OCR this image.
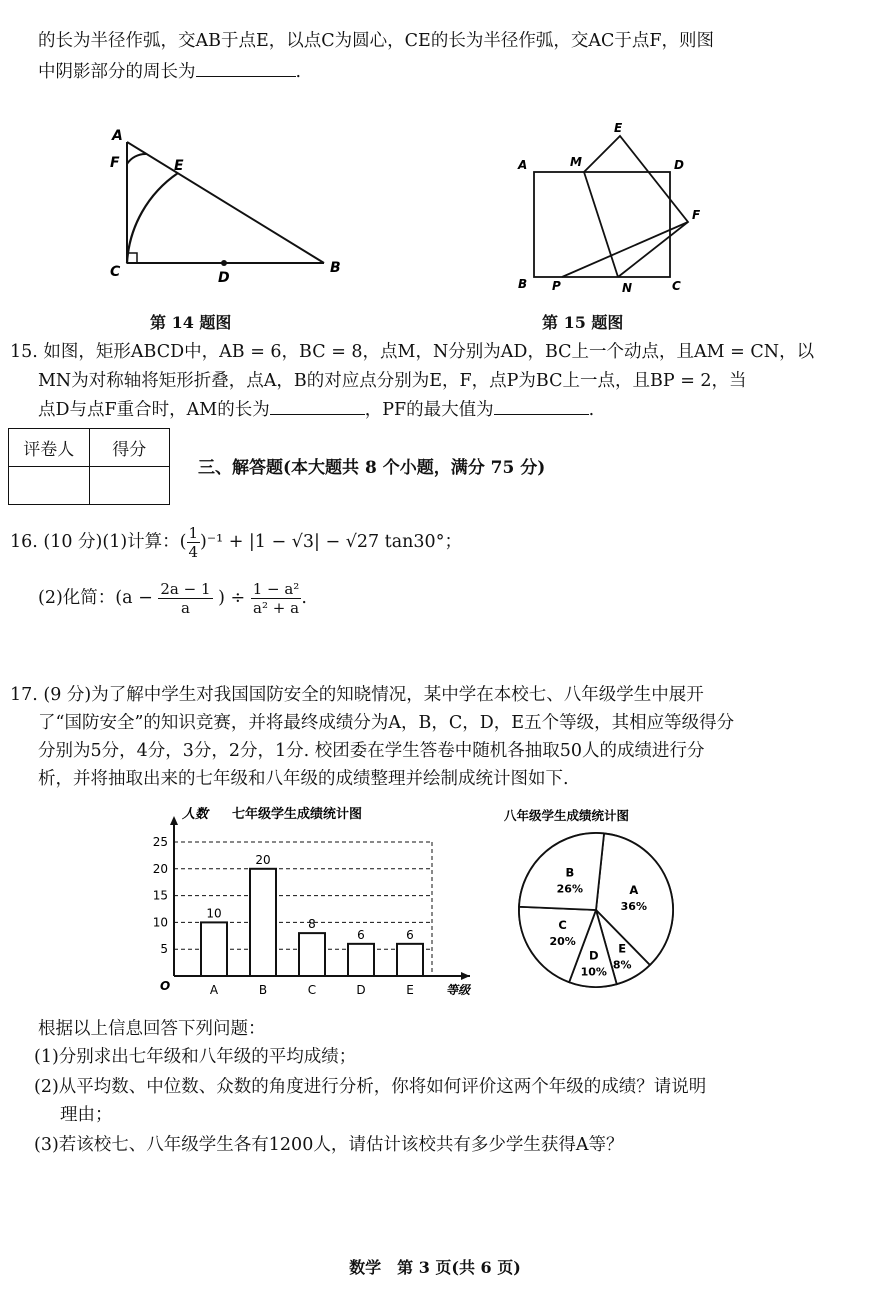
的长为半径作弧，交AB于点E，以点C为圆心，CE的长为半径作弧，交AC于点F，则图
中阴影部分的周长为	.
A
F	E
C	D
B
第 14 题图
A	M
E
D
F
B P	N	C
第 15 题图
15. 如图，矩形ABCD中，AB = 6，BC = 8，点M，N分别为AD，BC上一个动点，且AM = CN，以
MN为对称轴将矩形折叠，点A，B的对应点分别为E，F，点P为BC上一点，且BP = 2，当
点D与点F重合时，AM的长为	，PF的最大值为	.
评卷人	得分

三、解答题(本大题共 8 个小题，满分 75 分)
16. (10 分)(1)计算：( $\frac{1}{4} )^{-1} + |1 - √3| - √27$ tan30°；
(2)化简：($a - \frac{2a - 1}{a}$ ) ÷ $\frac{\text{1 − a²}}{\text{a² + a}}$ .
17. (9 分)为了解中学生对我国国防安全的知晓情况，某中学在本校七、八年级学生中展开
了“国防安全”的知识竞赛，并将最终成绩分为A，B，C，D，E五个等级，其相应等级得分
分别为5分，4分，3分，2分，1分. 校团委在学生答卷中随机各抽取50人的成绩进行分
析，并将抽取出来的七年级和八年级的成绩整理并绘制成统计图如下.
七年级学生成绩统计图
人数
等级
O
5
10
15
20
25
10
A
20
B
8
C
6
D
6
E
八年级学生成绩统计图
A
36%
E
8%
D
10%
C
20%
B
26%
根据以上信息回答下列问题：
(1)分别求出七年级和八年级的平均成绩；
(2)从平均数、中位数、众数的角度进行分析，你将如何评价这两个年级的成绩？请说明
理由；
(3)若该校七、八年级学生各有1200人，请估计该校共有多少学生获得A等？
数学　第 3 页(共 6 页)
